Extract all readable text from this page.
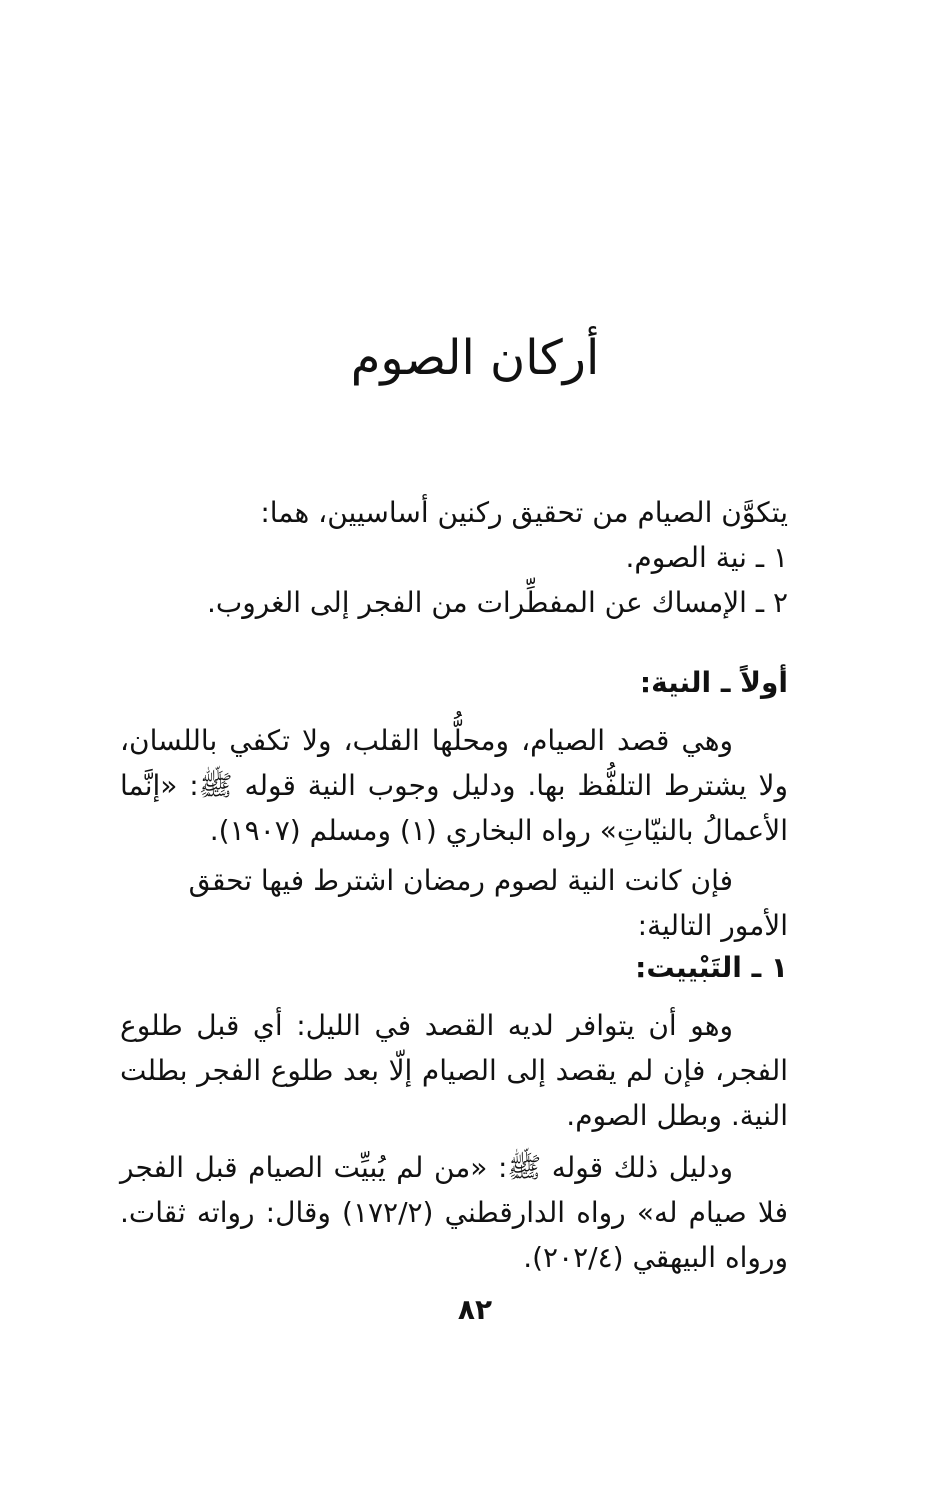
أركان الصوم

يتكوَّن الصيام من تحقيق ركنين أساسيين، هما:

١ ـ نية الصوم.

٢ ـ الإمساك عن المفطِّرات من الفجر إلى الغروب.

أولاً ـ النية:

وهي قصد الصيام، ومحلُّها القلب، ولا تكفي باللسان، ولا يشترط التلفُّظ بها. ودليل وجوب النية قوله ﷺ: «إنَّما الأعمالُ بالنيّاتِ» رواه البخاري (١) ومسلم (١٩٠٧).

فإن كانت النية لصوم رمضان اشترط فيها تحقق الأمور التالية:

١ ـ التَبْييت:

وهو أن يتوافر لديه القصد في الليل: أي قبل طلوع الفجر، فإن لم يقصد إلى الصيام إلّا بعد طلوع الفجر بطلت النية. وبطل الصوم.

ودليل ذلك قوله ﷺ: «من لم يُبيِّت الصيام قبل الفجر فلا صيام له» رواه الدارقطني (١٧٢/٢) وقال: رواته ثقات. ورواه البيهقي (٢٠٢/٤).

٨٢
